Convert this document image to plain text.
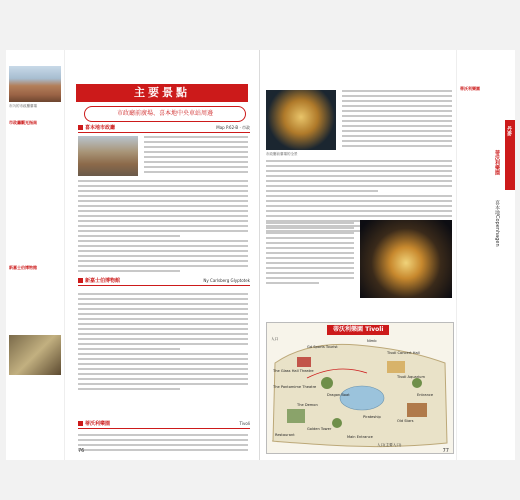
市內的市政廳廣場
市政廳觀光指南
新嘉士伯博物館
主要景點
市政廳前廣場、喜本地中央車站周邊
喜本地市政廳	Map P.62-B · 市政
新嘉士伯博物館	Ny Carlsberg Glyptotek
蒂沃利樂園	Tivoli
76
市政廳前廣場的全景
蒂沃利樂園 Tivoli
入口
Gd Sports Tourist
The Glass Hall Theatre
Nimb
Tivoli Concert Hall
Tivoli Aquarium
Entrance
Dragon Boat
The Pantomime Theatre
Old Stars
The Demon
Golden Tower
Pirateship
Restaurant	Main Entrance
入口(主要入口)
蒂沃利樂園
丹麥
蒂沃利樂園
喜本地Copenhagen
77
